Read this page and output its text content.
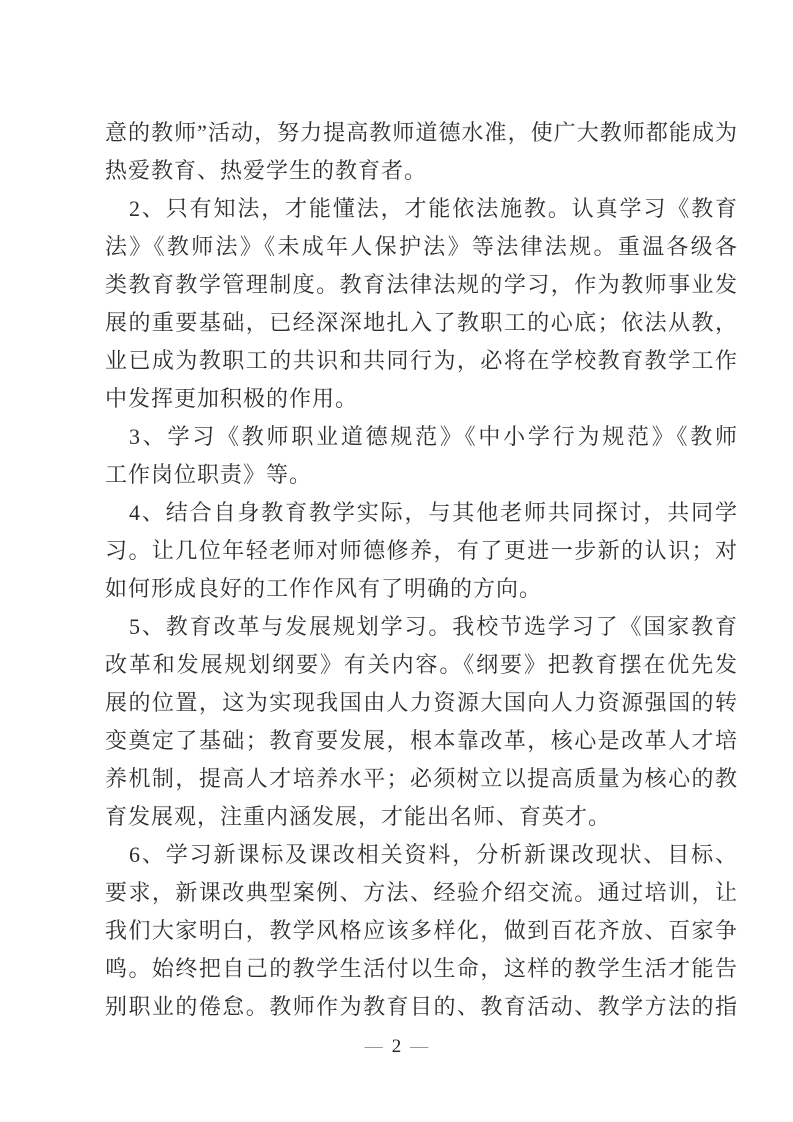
意的教师”活动，努力提高教师道德水准，使广大教师都能成为
热爱教育、热爱学生的教育者。
2、只有知法，才能懂法，才能依法施教。认真学习《教育
法》《教师法》《未成年人保护法》等法律法规。重温各级各
类教育教学管理制度。教育法律法规的学习，作为教师事业发
展的重要基础，已经深深地扎入了教职工的心底；依法从教，
业已成为教职工的共识和共同行为，必将在学校教育教学工作
中发挥更加积极的作用。
3、学习《教师职业道德规范》《中小学行为规范》《教师
工作岗位职责》等。
4、结合自身教育教学实际，与其他老师共同探讨，共同学
习。让几位年轻老师对师德修养，有了更进一步新的认识；对
如何形成良好的工作作风有了明确的方向。
5、教育改革与发展规划学习。我校节选学习了《国家教育
改革和发展规划纲要》有关内容。《纲要》把教育摆在优先发
展的位置，这为实现我国由人力资源大国向人力资源强国的转
变奠定了基础；教育要发展，根本靠改革，核心是改革人才培
养机制，提高人才培养水平；必须树立以提高质量为核心的教
育发展观，注重内涵发展，才能出名师、育英才。
6、学习新课标及课改相关资料，分析新课改现状、目标、
要求，新课改典型案例、方法、经验介绍交流。通过培训，让
我们大家明白，教学风格应该多样化，做到百花齐放、百家争
鸣。始终把自己的教学生活付以生命，这样的教学生活才能告
别职业的倦怠。教师作为教育目的、教育活动、教学方法的指
— 2 —
